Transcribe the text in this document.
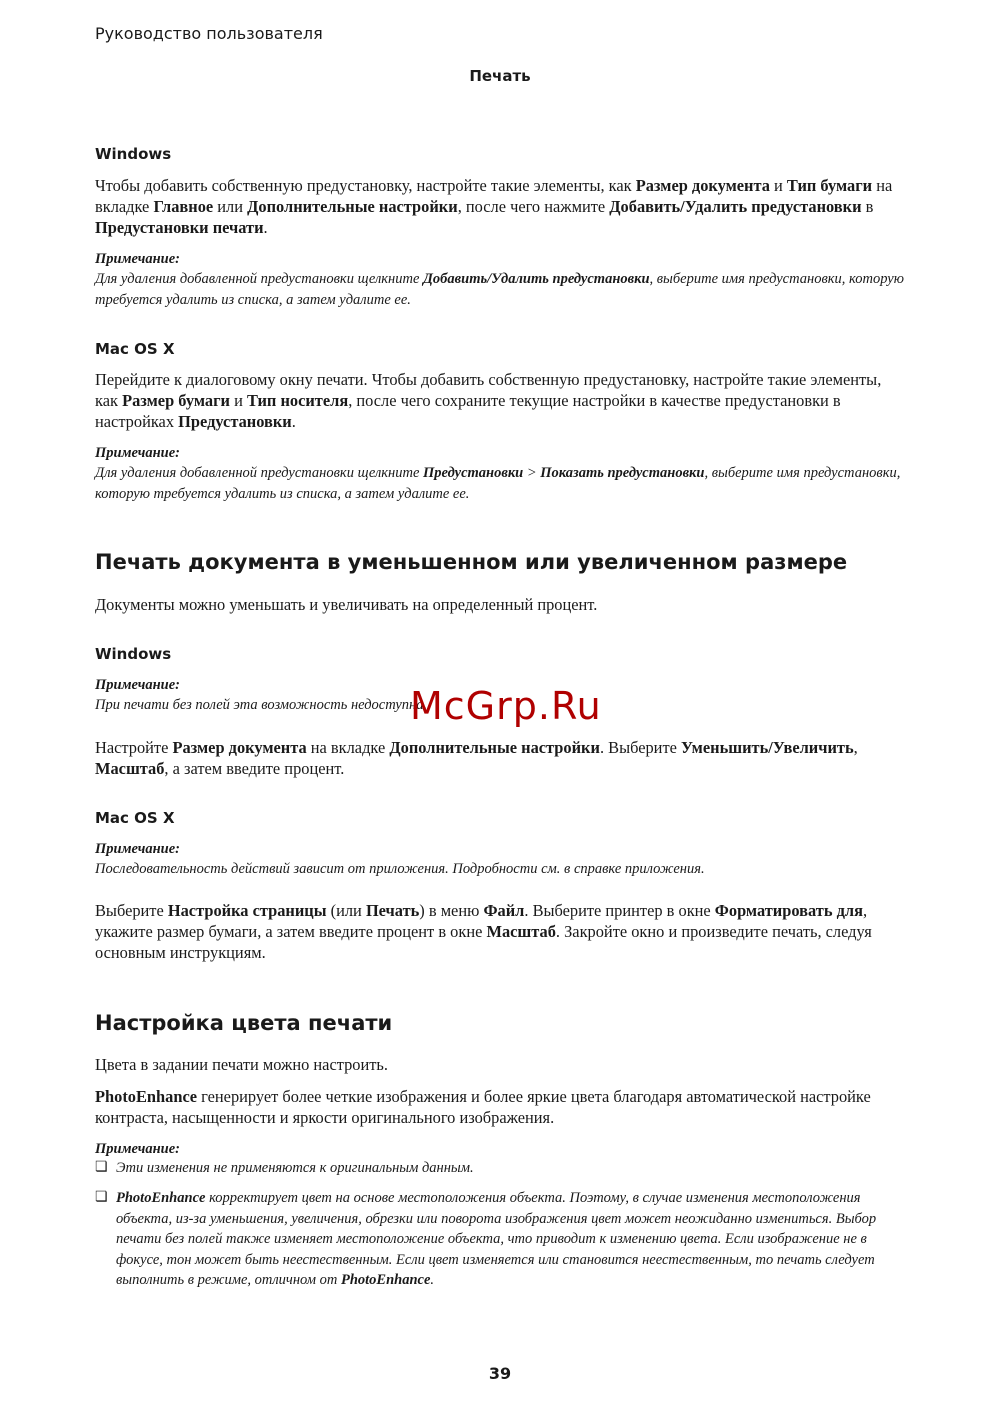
Руководство пользователя
Печать
Windows
Чтобы добавить собственную предустановку, настройте такие элементы, как Размер документа и Тип бумаги на вкладке Главное или Дополнительные настройки, после чего нажмите Добавить/Удалить предустановки в Предустановки печати.
Примечание:
Для удаления добавленной предустановки щелкните Добавить/Удалить предустановки, выберите имя предустановки, которую требуется удалить из списка, а затем удалите ее.
Mac OS X
Перейдите к диалоговому окну печати. Чтобы добавить собственную предустановку, настройте такие элементы, как Размер бумаги и Тип носителя, после чего сохраните текущие настройки в качестве предустановки в настройках Предустановки.
Примечание:
Для удаления добавленной предустановки щелкните Предустановки > Показать предустановки, выберите имя предустановки, которую требуется удалить из списка, а затем удалите ее.
Печать документа в уменьшенном или увеличенном размере
Документы можно уменьшать и увеличивать на определенный процент.
Windows
Примечание:
При печати без полей эта возможность недоступна.
Настройте Размер документа на вкладке Дополнительные настройки. Выберите Уменьшить/Увеличить, Масштаб, а затем введите процент.
Mac OS X
Примечание:
Последовательность действий зависит от приложения. Подробности см. в справке приложения.
Выберите Настройка страницы (или Печать) в меню Файл. Выберите принтер в окне Форматировать для, укажите размер бумаги, а затем введите процент в окне Масштаб. Закройте окно и произведите печать, следуя основным инструкциям.
Настройка цвета печати
Цвета в задании печати можно настроить.
PhotoEnhance генерирует более четкие изображения и более яркие цвета благодаря автоматической настройке контраста, насыщенности и яркости оригинального изображения.
Примечание:
❏ Эти изменения не применяются к оригинальным данным.
❏ PhotoEnhance корректирует цвет на основе местоположения объекта. Поэтому, в случае изменения местоположения объекта, из-за уменьшения, увеличения, обрезки или поворота изображения цвет может неожиданно измениться. Выбор печати без полей также изменяет местоположение объекта, что приводит к изменению цвета. Если изображение не в фокусе, тон может быть неестественным. Если цвет изменяется или становится неестественным, то печать следует выполнить в режиме, отличном от PhotoEnhance.
39
McGrp.Ru
